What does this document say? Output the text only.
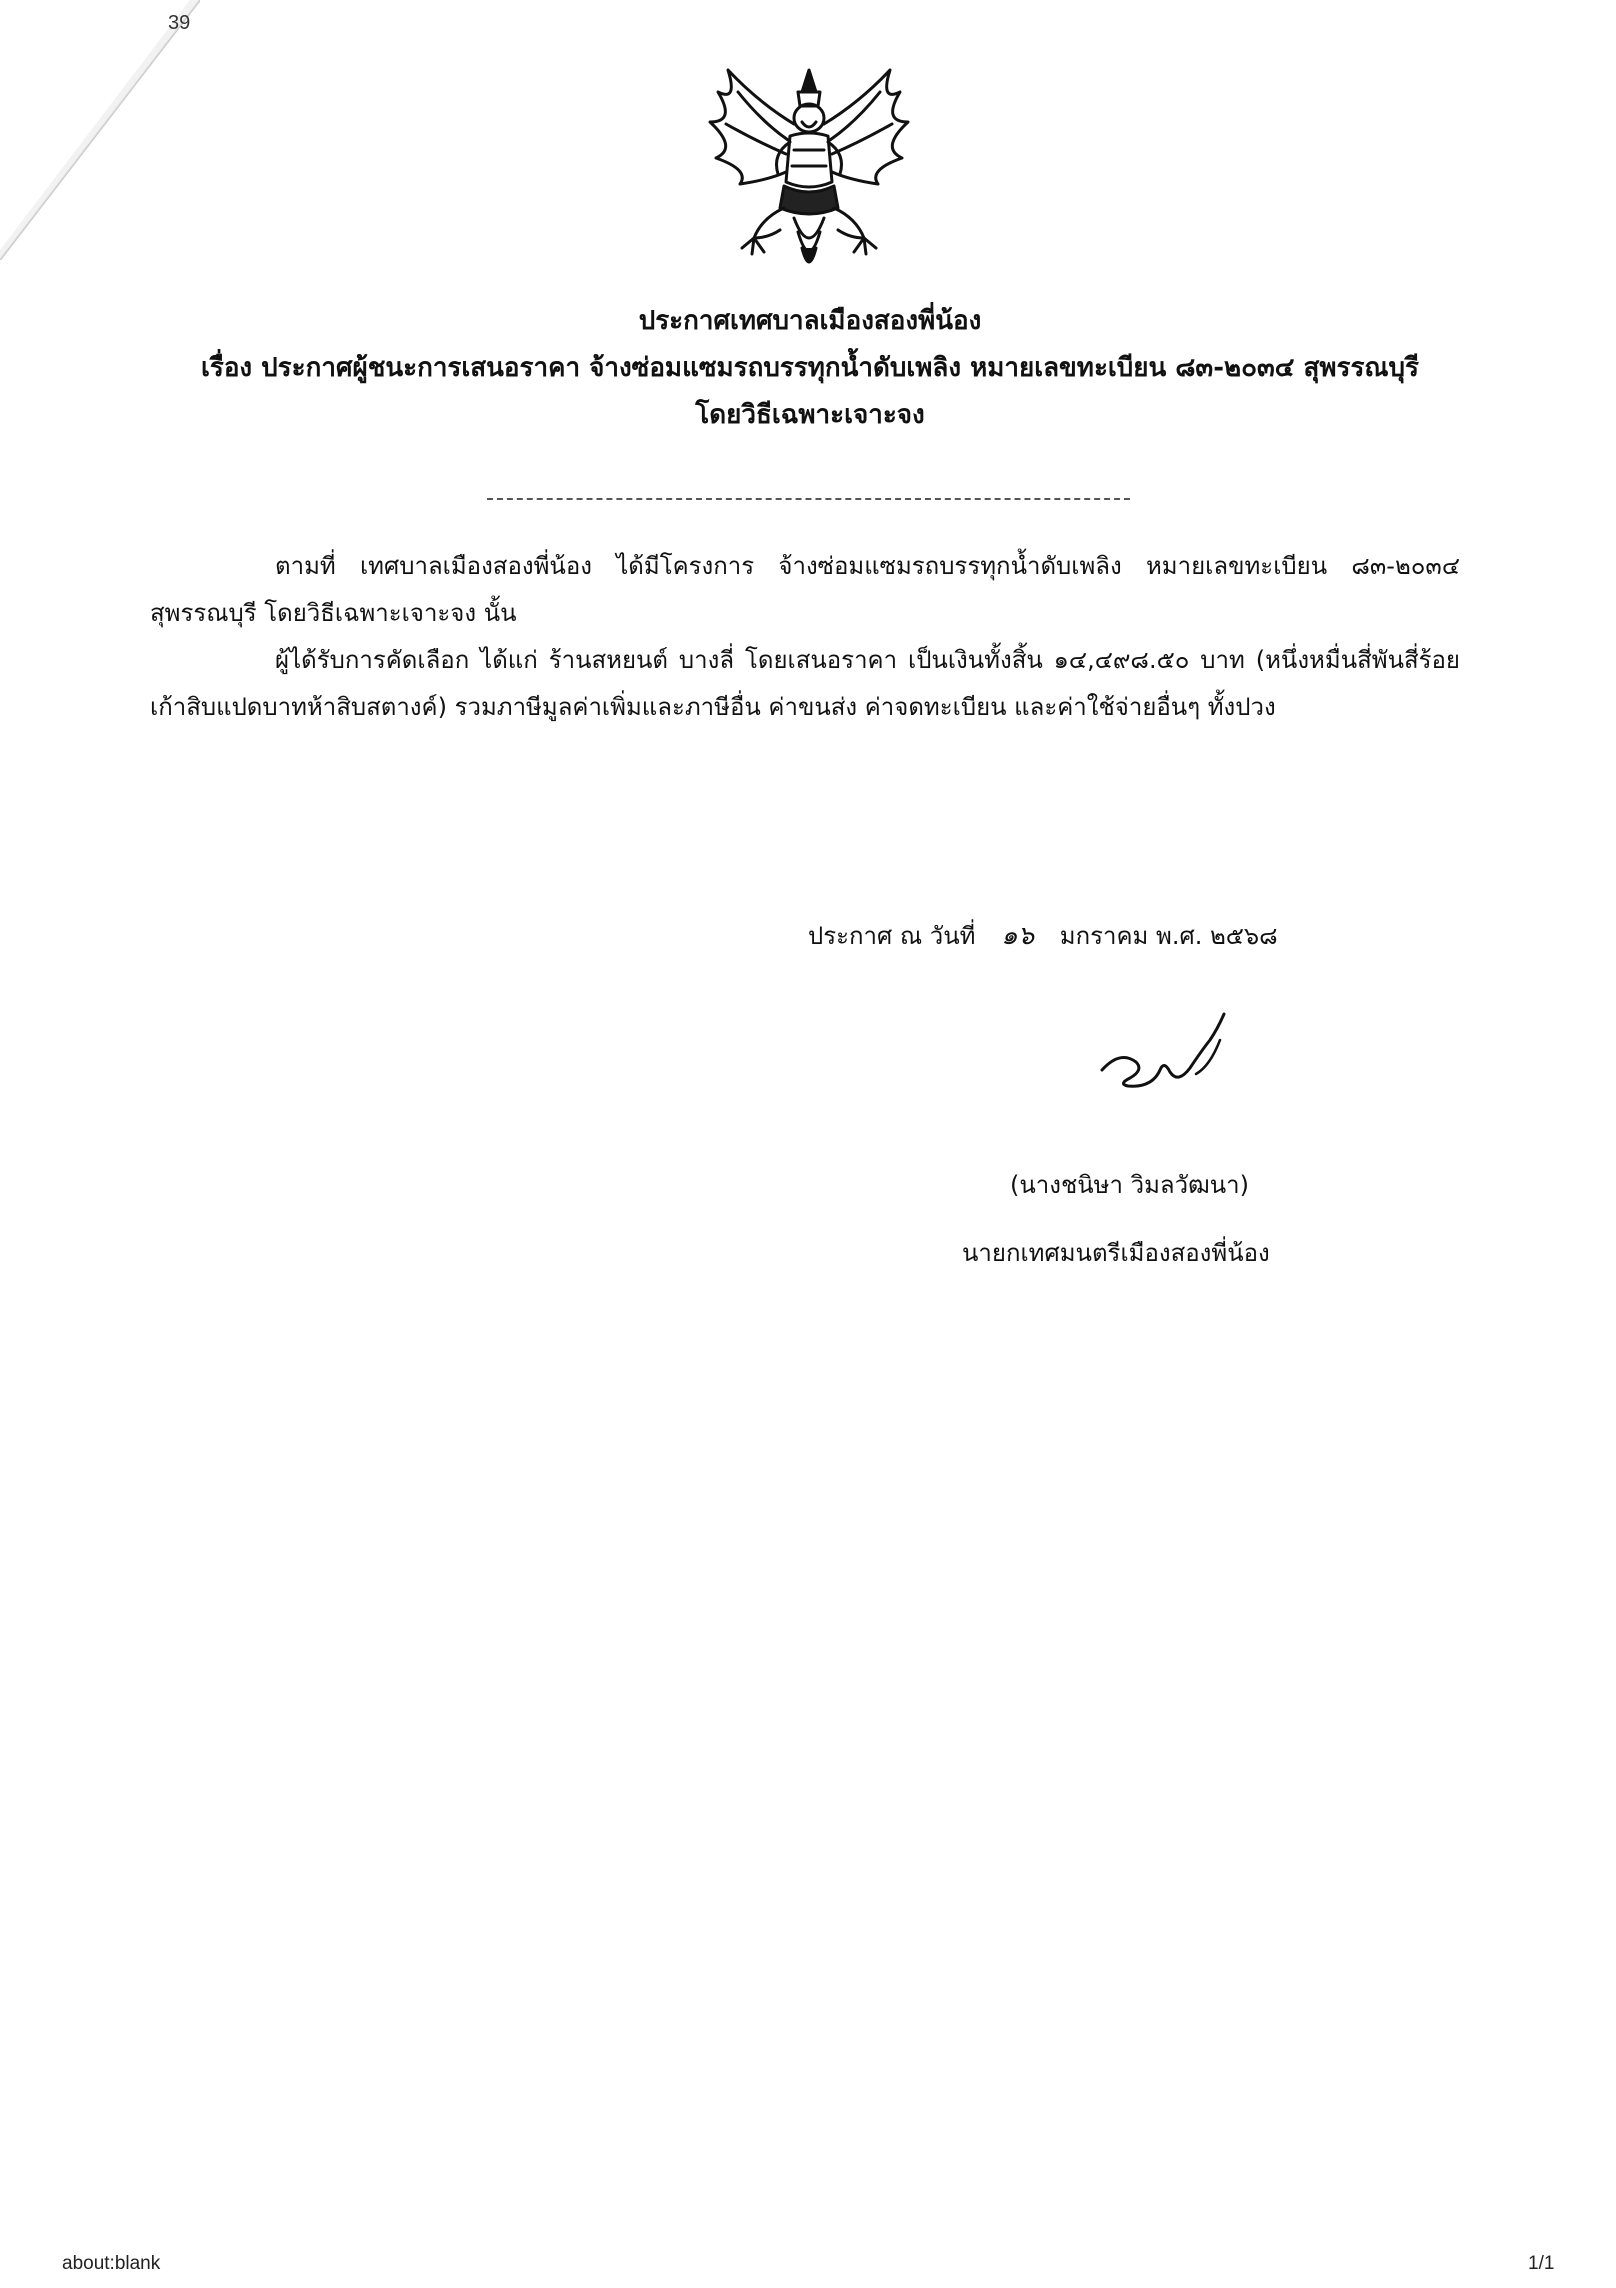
39
ประกาศเทศบาลเมืองสองพี่น้อง
เรื่อง ประกาศผู้ชนะการเสนอราคา จ้างซ่อมแซมรถบรรทุกน้ำดับเพลิง หมายเลขทะเบียน ๘๓-๒๐๓๔ สุพรรณบุรี
โดยวิธีเฉพาะเจาะจง

ตามที่ เทศบาลเมืองสองพี่น้อง ได้มีโครงการ จ้างซ่อมแซมรถบรรทุกน้ำดับเพลิง หมายเลขทะเบียน ๘๓-๒๐๓๔ สุพรรณบุรี โดยวิธีเฉพาะเจาะจง นั้น

ผู้ได้รับการคัดเลือก ได้แก่ ร้านสหยนต์ บางลี่ โดยเสนอราคา เป็นเงินทั้งสิ้น ๑๔,๔๙๘.๕๐ บาท (หนึ่งหมื่นสี่พันสี่ร้อยเก้าสิบแปดบาทห้าสิบสตางค์) รวมภาษีมูลค่าเพิ่มและภาษีอื่น ค่าขนส่ง ค่าจดทะเบียน และค่าใช้จ่ายอื่นๆ ทั้งปวง

ประกาศ ณ วันที่ ๑๖ มกราคม พ.ศ. ๒๕๖๘
(นางชนิษา วิมลวัฒนา)
นายกเทศมนตรีเมืองสองพี่น้อง
about:blank	1/1
